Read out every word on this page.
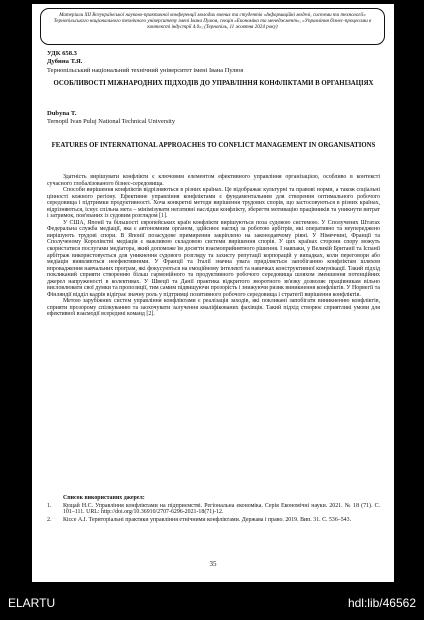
Матеріали XII Всеукраїнської науково-практичної конференції молодих вчених та студентів «Інформаційні моделі, системи та технології» Тернопільського національного технічного університету імені Івана Пулюя, секція «Економіка та менеджмент», «Управління бізнес-процесами в контексті індустрії 4.0», (Тернопіль, 11 жовтня 2024 року)
УДК 658.3
Дубина Т.Я.
Тернопільський національний технічний університет імені Івана Пулюя
ОСОБЛИВОСТІ МІЖНАРОДНИХ ПІДХОДІВ ДО УПРАВЛІННЯ КОНФЛІКТАМИ В ОРГАНІЗАЦІЯХ
Dubyna T.
Ternopil Ivan Puluj National Technical University
FEATURES OF INTERNATIONAL APPROACHES TO CONFLICT MANAGEMENT IN ORGANISATIONS

Здатність вирішувати конфлікти є ключовим елементом ефективного управління організацією, особливо в контексті сучасного глобалізованого бізнес-середовища.

Способи вирішення конфліктів відрізняються в різних країнах. Це відображає культурні та правові норми, а також соціальні цінності кожного регіону. Ефективне управління конфліктами є фундаментальним для створення оптимального робочого середовища і підтримки продуктивності. Хоча конкретні методи вирішення трудових спорів, що застосовуються в різних країнах, відрізняються, існує спільна мета – мінімізувати негативні наслідки конфлікту, зберегти мотивацію працівників та уникнути витрат і затримок, пов'язаних із судовим розглядом [1].

У США, Японії та більшості європейських країн конфлікти вирішуються поза судовою системою. У Сполучених Штатах Федеральна служба медіації, яка є автономним органом, здійснює нагляд за роботою арбітрів, які оперативно та неупереджено вирішують трудові спори. В Японії позасудове примирення закріплено на законодавчому рівні. У Німеччині, Франції та Сполученому Королівстві медіація є важливою складовою системи вирішення спорів. У цих країнах сторони спору можуть скористатися послугами медіатора, який допоможе їм досягти взаємоприйнятного рішення. І навпаки, у Великій Британії та Іспанії арбітраж використовується для уникнення судового розгляду та захисту репутації корпорацій у випадках, коли переговори або медіація виявляються неефективними. У Франції та Італії значна увага приділяється запобіганню конфліктам шляхом впровадження навчальних програм, які фокусуються на емоційному інтелекті та навичках конструктивної комунікації. Такий підхід покликаний сприяти створенню більш гармонійного та продуктивного робочого середовища шляхом зменшення потенційних джерел напруженості в колективах. У Швеції та Данії практика відкритого зворотного зв'язку дозволяє працівникам вільно висловлювати свої думки та пропозиції, тим самим підвищуючи прозорість і знижуючи ризик виникнення конфліктів. У Норвегії та Фінляндії відділ кадрів відіграє значну роль у підтримці позитивного робочого середовища і стратегії вирішення конфліктів.

Метою зарубіжних систем управління конфліктами є реалізація заходів, які покликані запобігати виникненню конфліктів, сприяти прозорому спілкуванню та заохочувати залучення кваліфікованих фахівців. Такий підхід створює сприятливі умови для ефективної взаємодії всередині команд [2].

Список використаних джерел:
1.	Кущай Н.С. Управління конфліктами на підприємстві. Регіональна економіка. Серія Економічні науки. 2021. № 18 (71). С. 101–111. URL: http://doi.org/10.36910/2707-6296-2021-18(71)-12.
2.	Кіссе А.І. Територіальні практики управління етнічними конфліктами. Держава і право. 2019. Вип. 31. С. 536–543.
35
ELARTU	hdl:lib/46562
